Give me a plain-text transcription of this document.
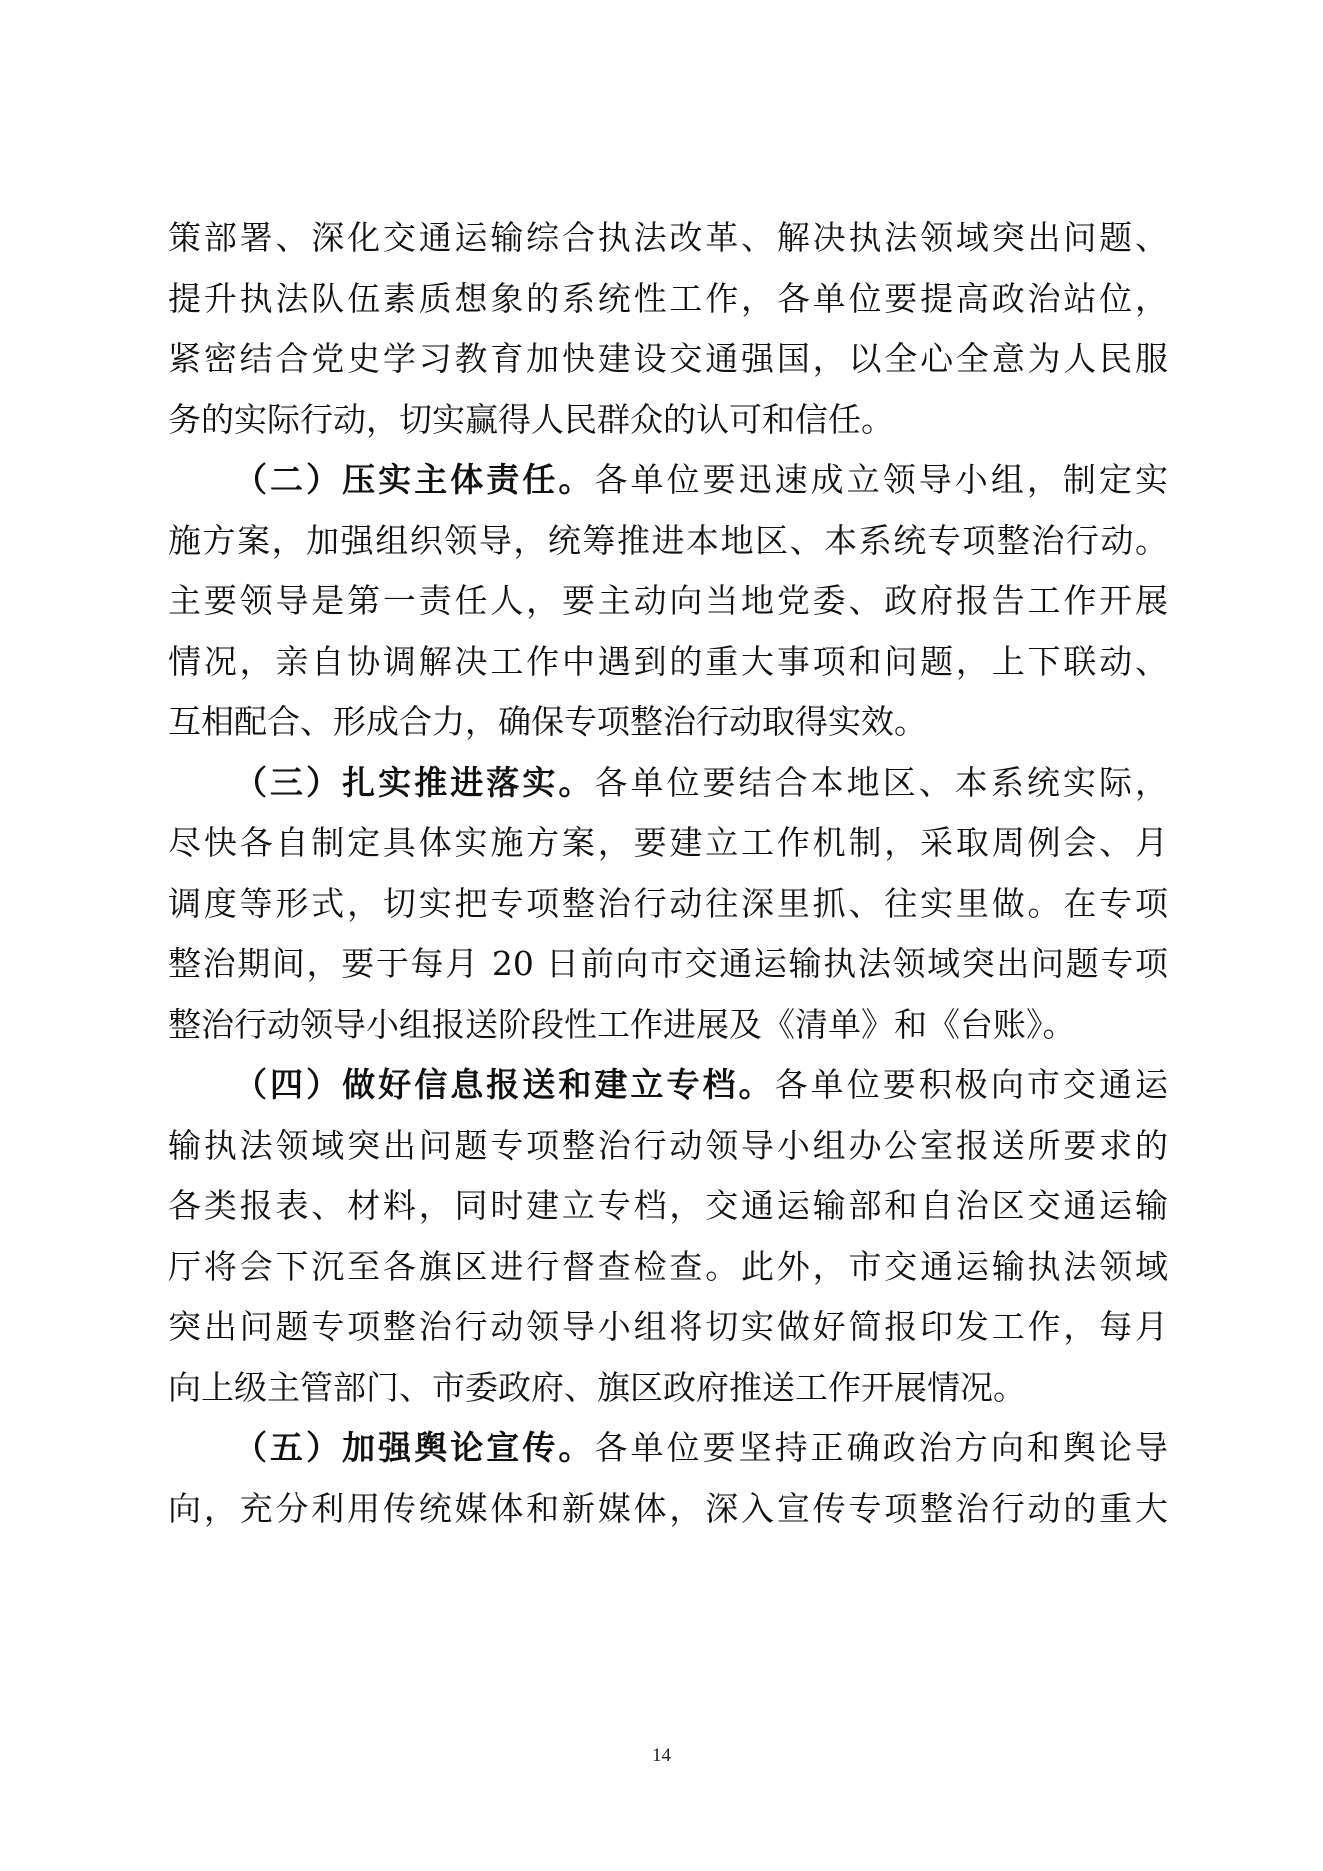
策部署、深化交通运输综合执法改革、解决执法领域突出问题、
提升执法队伍素质想象的系统性工作，各单位要提高政治站位，
紧密结合党史学习教育加快建设交通强国，以全心全意为人民服
务的实际行动，切实赢得人民群众的认可和信任。
（二）压实主体责任。各单位要迅速成立领导小组，制定实
施方案，加强组织领导，统筹推进本地区、本系统专项整治行动。
主要领导是第一责任人，要主动向当地党委、政府报告工作开展
情况，亲自协调解决工作中遇到的重大事项和问题，上下联动、
互相配合、形成合力，确保专项整治行动取得实效。
（三）扎实推进落实。各单位要结合本地区、本系统实际，
尽快各自制定具体实施方案，要建立工作机制，采取周例会、月
调度等形式，切实把专项整治行动往深里抓、往实里做。在专项
整治期间，要于每月 20 日前向市交通运输执法领域突出问题专项
整治行动领导小组报送阶段性工作进展及《清单》和《台账》。
（四）做好信息报送和建立专档。各单位要积极向市交通运
输执法领域突出问题专项整治行动领导小组办公室报送所要求的
各类报表、材料，同时建立专档，交通运输部和自治区交通运输
厅将会下沉至各旗区进行督查检查。此外，市交通运输执法领域
突出问题专项整治行动领导小组将切实做好简报印发工作，每月
向上级主管部门、市委政府、旗区政府推送工作开展情况。
（五）加强舆论宣传。各单位要坚持正确政治方向和舆论导
向，充分利用传统媒体和新媒体，深入宣传专项整治行动的重大
14
